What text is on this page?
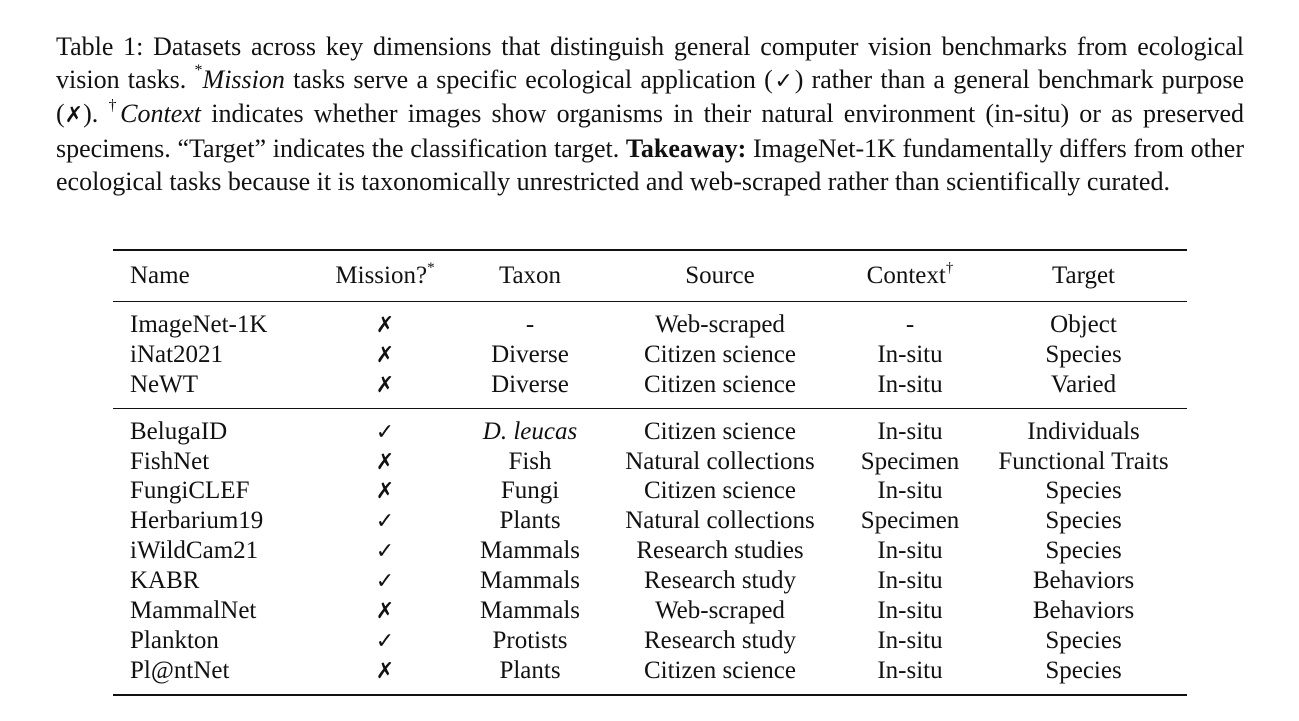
Table 1: Datasets across key dimensions that distinguish general computer vision benchmarks from ecological vision tasks. *Mission tasks serve a specific ecological application (✓) rather than a general benchmark purpose (✗). †Context indicates whether images show organisms in their natural environment (in-situ) or as preserved specimens. “Target” indicates the classification target. Takeaway: ImageNet-1K fundamentally differs from other ecological tasks because it is taxonomically unrestricted and web-scraped rather than scientifically curated.
Name	Mission?*	Taxon	Source	Context†	Target
ImageNet-1K	✗	-	Web-scraped	-	Object
iNat2021	✗	Diverse	Citizen science	In-situ	Species
NeWT	✗	Diverse	Citizen science	In-situ	Varied
BelugaID	✓	D. leucas	Citizen science	In-situ	Individuals
FishNet	✗	Fish	Natural collections	Specimen	Functional Traits
FungiCLEF	✗	Fungi	Citizen science	In-situ	Species
Herbarium19	✓	Plants	Natural collections	Specimen	Species
iWildCam21	✓	Mammals	Research studies	In-situ	Species
KABR	✓	Mammals	Research study	In-situ	Behaviors
MammalNet	✗	Mammals	Web-scraped	In-situ	Behaviors
Plankton	✓	Protists	Research study	In-situ	Species
Pl@ntNet	✗	Plants	Citizen science	In-situ	Species
